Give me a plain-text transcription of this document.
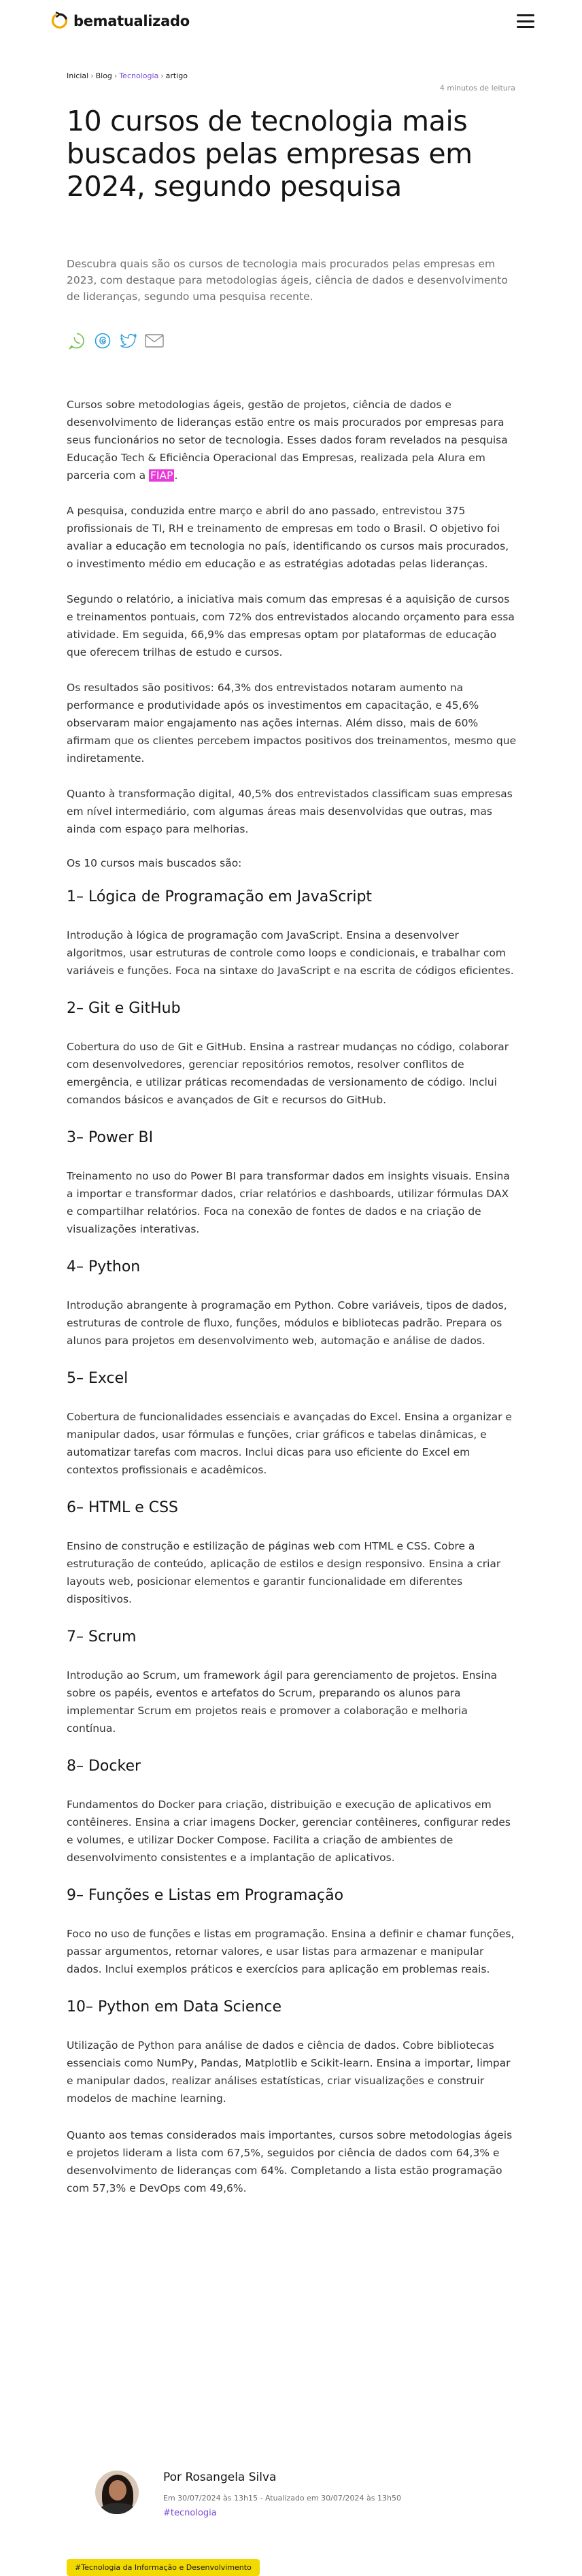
bematualizado
Inicial › Blog › Tecnologia › artigo
4 minutos de leitura
10 cursos de tecnologia mais buscados pelas empresas em 2024, segundo pesquisa

Descubra quais são os cursos de tecnologia mais procurados pelas empresas em 2023, com destaque para metodologias ágeis, ciência de dados e desenvolvimento de lideranças, segundo uma pesquisa recente.

Cursos sobre metodologias ágeis, gestão de projetos, ciência de dados e desenvolvimento de lideranças estão entre os mais procurados por empresas para seus funcionários no setor de tecnologia. Esses dados foram revelados na pesquisa Educação Tech & Eficiência Operacional das Empresas, realizada pela Alura em parceria com a FIAP .

A pesquisa, conduzida entre março e abril do ano passado, entrevistou 375 profissionais de TI, RH e treinamento de empresas em todo o Brasil. O objetivo foi avaliar a educação em tecnologia no país, identificando os cursos mais procurados, o investimento médio em educação e as estratégias adotadas pelas lideranças.

Segundo o relatório, a iniciativa mais comum das empresas é a aquisição de cursos e treinamentos pontuais, com 72% dos entrevistados alocando orçamento para essa atividade. Em seguida, 66,9% das empresas optam por plataformas de educação que oferecem trilhas de estudo e cursos.

Os resultados são positivos: 64,3% dos entrevistados notaram aumento na performance e produtividade após os investimentos em capacitação, e 45,6% observaram maior engajamento nas ações internas. Além disso, mais de 60% afirmam que os clientes percebem impactos positivos dos treinamentos, mesmo que indiretamente.

Quanto à transformação digital, 40,5% dos entrevistados classificam suas empresas em nível intermediário, com algumas áreas mais desenvolvidas que outras, mas ainda com espaço para melhorias.

Os 10 cursos mais buscados são:

1– Lógica de Programação em JavaScript

Introdução à lógica de programação com JavaScript. Ensina a desenvolver algoritmos, usar estruturas de controle como loops e condicionais, e trabalhar com variáveis e funções. Foca na sintaxe do JavaScript e na escrita de códigos eficientes.

2– Git e GitHub

Cobertura do uso de Git e GitHub. Ensina a rastrear mudanças no código, colaborar com desenvolvedores, gerenciar repositórios remotos, resolver conflitos de emergência, e utilizar práticas recomendadas de versionamento de código. Inclui comandos básicos e avançados de Git e recursos do GitHub.

3– Power BI

Treinamento no uso do Power BI para transformar dados em insights visuais. Ensina a importar e transformar dados, criar relatórios e dashboards, utilizar fórmulas DAX e compartilhar relatórios. Foca na conexão de fontes de dados e na criação de visualizações interativas.

4– Python

Introdução abrangente à programação em Python. Cobre variáveis, tipos de dados, estruturas de controle de fluxo, funções, módulos e bibliotecas padrão. Prepara os alunos para projetos em desenvolvimento web, automação e análise de dados.

5– Excel

Cobertura de funcionalidades essenciais e avançadas do Excel. Ensina a organizar e manipular dados, usar fórmulas e funções, criar gráficos e tabelas dinâmicas, e automatizar tarefas com macros. Inclui dicas para uso eficiente do Excel em contextos profissionais e acadêmicos.

6– HTML e CSS

Ensino de construção e estilização de páginas web com HTML e CSS. Cobre a estruturação de conteúdo, aplicação de estilos e design responsivo. Ensina a criar layouts web, posicionar elementos e garantir funcionalidade em diferentes dispositivos.

7– Scrum

Introdução ao Scrum, um framework ágil para gerenciamento de projetos. Ensina sobre os papéis, eventos e artefatos do Scrum, preparando os alunos para implementar Scrum em projetos reais e promover a colaboração e melhoria contínua.

8– Docker

Fundamentos do Docker para criação, distribuição e execução de aplicativos em contêineres. Ensina a criar imagens Docker, gerenciar contêineres, configurar redes e volumes, e utilizar Docker Compose. Facilita a criação de ambientes de desenvolvimento consistentes e a implantação de aplicativos.

9– Funções e Listas em Programação

Foco no uso de funções e listas em programação. Ensina a definir e chamar funções, passar argumentos, retornar valores, e usar listas para armazenar e manipular dados. Inclui exemplos práticos e exercícios para aplicação em problemas reais.

10– Python em Data Science

Utilização de Python para análise de dados e ciência de dados. Cobre bibliotecas essenciais como NumPy, Pandas, Matplotlib e Scikit-learn. Ensina a importar, limpar e manipular dados, realizar análises estatísticas, criar visualizações e construir modelos de machine learning.

Quanto aos temas considerados mais importantes, cursos sobre metodologias ágeis e projetos lideram a lista com 67,5%, seguidos por ciência de dados com 64,3% e desenvolvimento de lideranças com 64%. Completando a lista estão programação com 57,3% e DevOps com 49,6%.

Por Rosangela Silva
Em 30/07/2024 às 13h15 - Atualizado em 30/07/2024 às 13h50
#tecnologia
#Tecnologia da Informação e Desenvolvimento
